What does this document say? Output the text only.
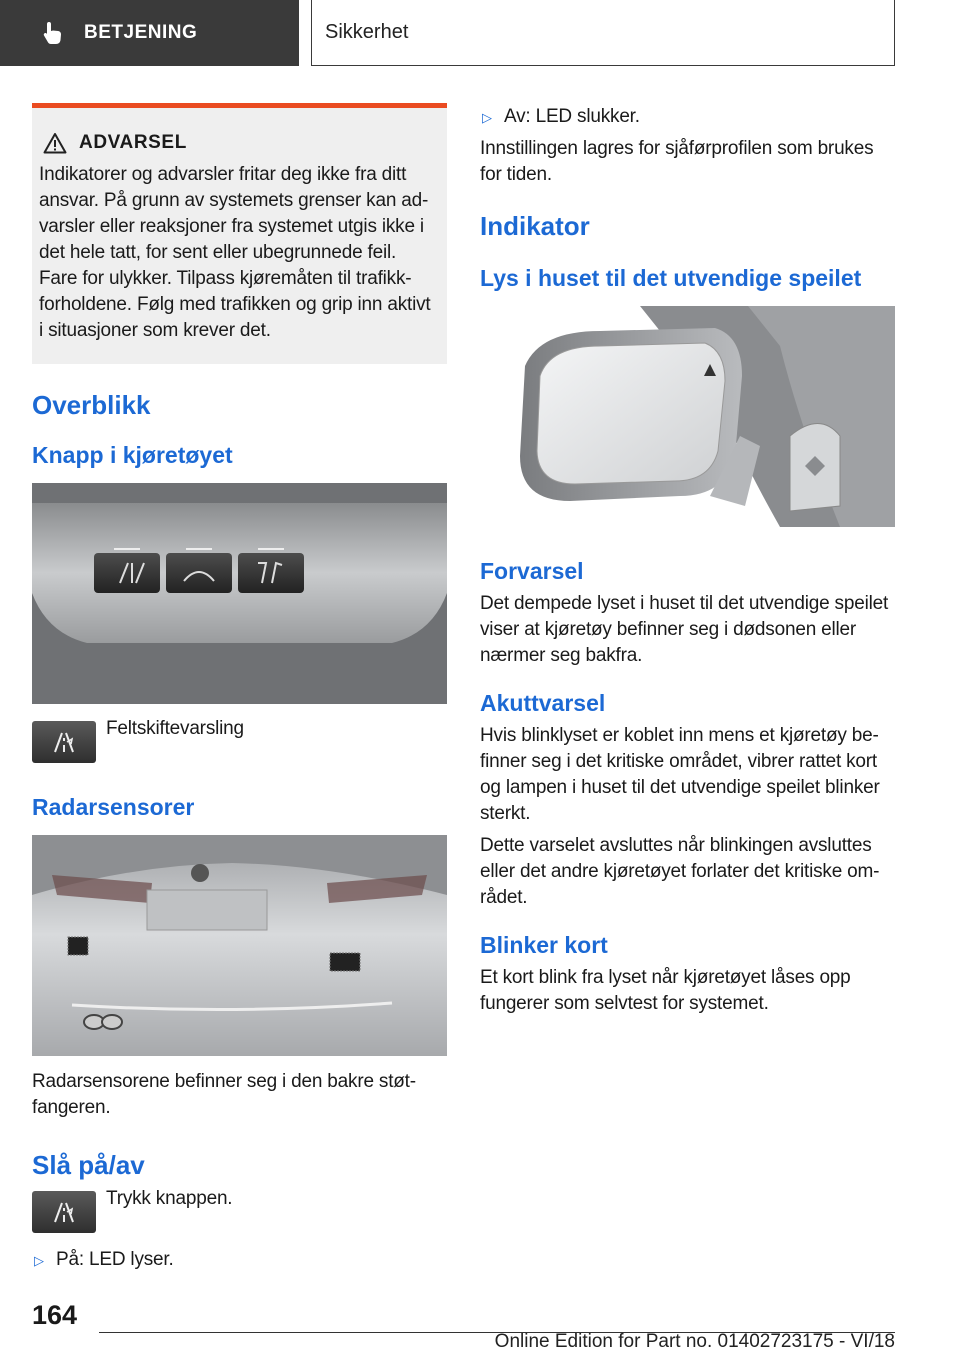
BETJENING	Sikkerhet
ADVARSEL

Indikatorer og advarsler fritar deg ikke fra ditt ansvar. På grunn av systemets grenser kan advarsler eller reaksjoner fra systemet utgis ikke i det hele tatt, for sent eller ubegrunnede feil. Fare for ulykker. Tilpass kjøremåten til trafikkforholdene. Følg med trafikken og grip inn aktivt i situasjoner som krever det.

Overblikk
Knapp i kjøretøyet

Feltskiftevarsling

Radarsensorer

Radarsensorene befinner seg i den bakre støtfangeren.

Slå på/av

Trykk knappen.

▷ På: LED lyser.

▷ Av: LED slukker.

Innstillingen lagres for sjåførprofilen som brukes for tiden.

Indikator
Lys i huset til det utvendige speilet
Forvarsel

Det dempede lyset i huset til det utvendige speilet viser at kjøretøy befinner seg i dødsonen eller nærmer seg bakfra.

Akuttvarsel

Hvis blinklyset er koblet inn mens et kjøretøy befinner seg i det kritiske området, vibrer rattet kort og lampen i huset til det utvendige speilet blinker sterkt.

Dette varselet avsluttes når blinkingen avsluttes eller det andre kjøretøyet forlater det kritiske området.

Blinker kort

Et kort blink fra lyset når kjøretøyet låses opp fungerer som selvtest for systemet.

164
Online Edition for Part no. 01402723175 - VI/18
